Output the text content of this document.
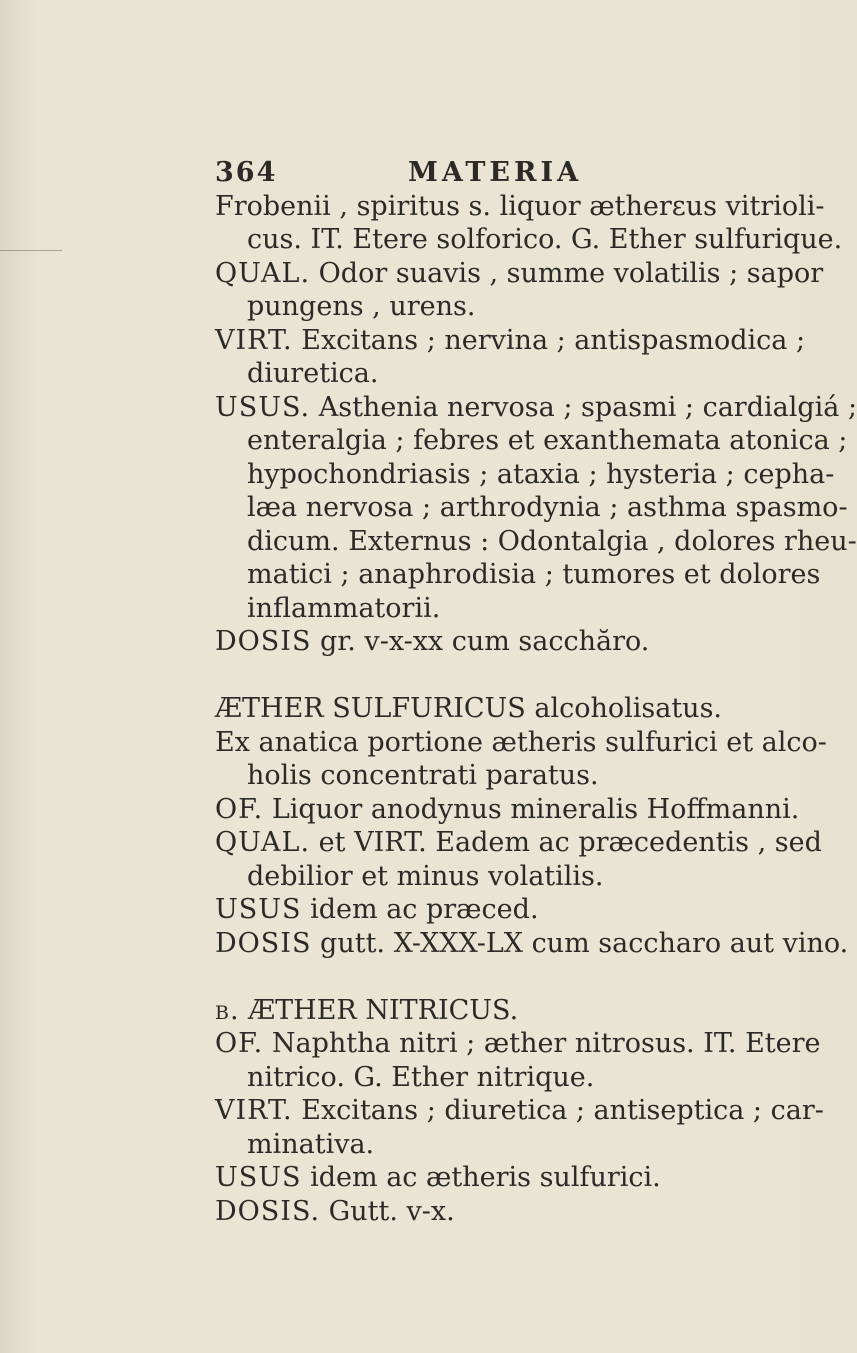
364	MATERIA
Frobenii , spiritus s. liquor ætherεus vitrioli-
cus. IT. Etere solforico. G. Ether sulfurique.
QUAL. Odor suavis , summe volatilis ; sapor
pungens , urens.
VIRT. Excitans ; nervina ; antispasmodica ;
diuretica.
USUS. Asthenia nervosa ; spasmi ; cardialgiá ;
enteralgia ; febres et exanthemata atonica ;
hypochondriasis ; ataxia ; hysteria ; cepha-
læa nervosa ; arthrodynia ; asthma spasmo-
dicum. Externus : Odontalgia , dolores rheu-
matici ; anaphrodisia ; tumores et dolores
inflammatorii.
DOSIS gr. v-x-xx cum sacchăro.
ÆTHER SULFURICUS alcoholisatus.
Ex anatica portione ætheris sulfurici et alco-
holis concentrati paratus.
OF. Liquor anodynus mineralis Hoffmanni.
QUAL. et VIRT. Eadem ac præcedentis , sed
debilior et minus volatilis.
USUS idem ac præced.
DOSIS gutt. X-XXX-LX cum saccharo aut vino.
b. ÆTHER NITRICUS.
OF. Naphtha nitri ; æther nitrosus. IT. Etere
nitrico. G. Ether nitrique.
VIRT. Excitans ; diuretica ; antiseptica ; car-
minativa.
USUS idem ac ætheris sulfurici.
DOSIS. Gutt. v-x.
